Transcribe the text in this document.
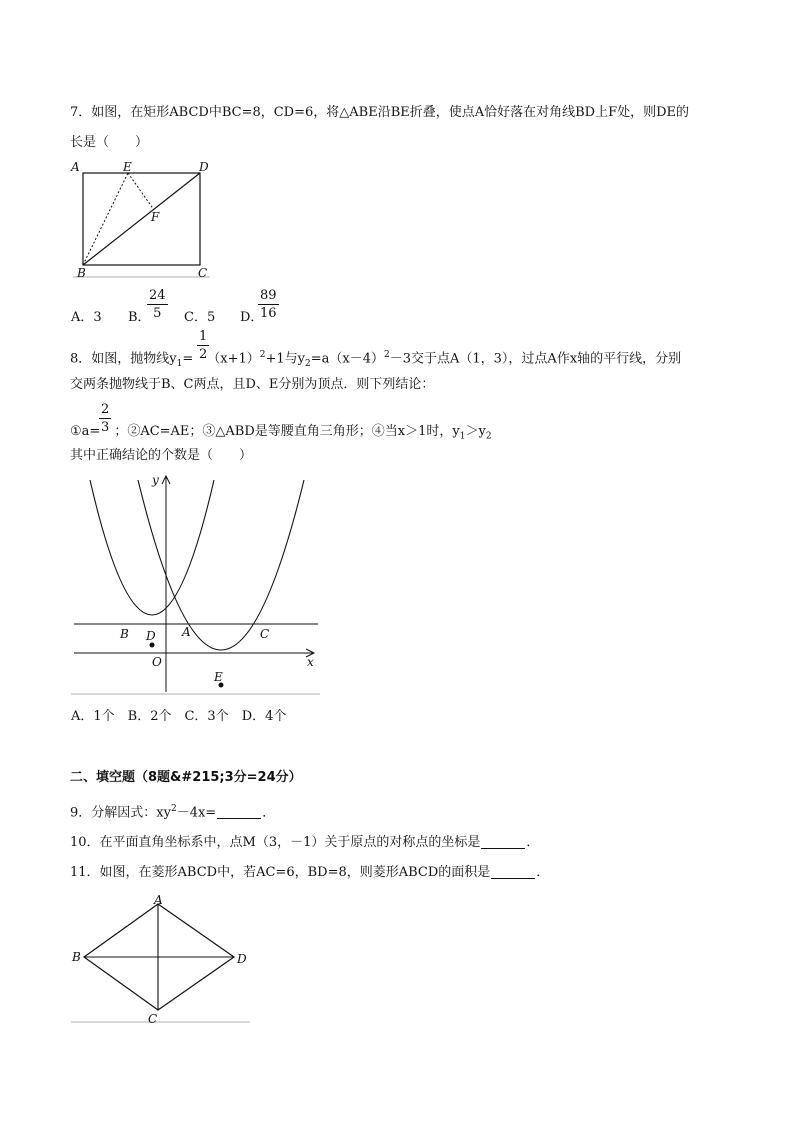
7．如图，在矩形ABCD中BC=8，CD=6，将△ABE沿BE折叠，使点A恰好落在对角线BD上F处，则DE的
长是（　　）
A	E	D
F
B	C
A．3 B．
24
5	C．5 D．
89
16
8．如图，抛物线$y_1= (x+1)^2+1$与$y_2=a(x-4)^2-3$交于点A（1，3），过点A作x轴的平行线，分别
1
2
交两条抛物线于B、C两点，且D、E分别为顶点．则下列结论：
①a= ；②AC=AE；③△ABD是等腰直角三角形；④当x＞1时，$y_1>y_2$
2
3
其中正确结论的个数是（　　）
y
B D A	C
O
E
x
A．1个　B．2个　C．3个　D．4个
二、填空题（8题&#215;3分=24分）
9．分解因式：$xy^2-4x=$	．
10．在平面直角坐标系中，点M（3，－1）关于原点的对称点的坐标是	．
11．如图，在菱形ABCD中，若AC=6，BD=8，则菱形ABCD的面积是	．
A
B
C
D
